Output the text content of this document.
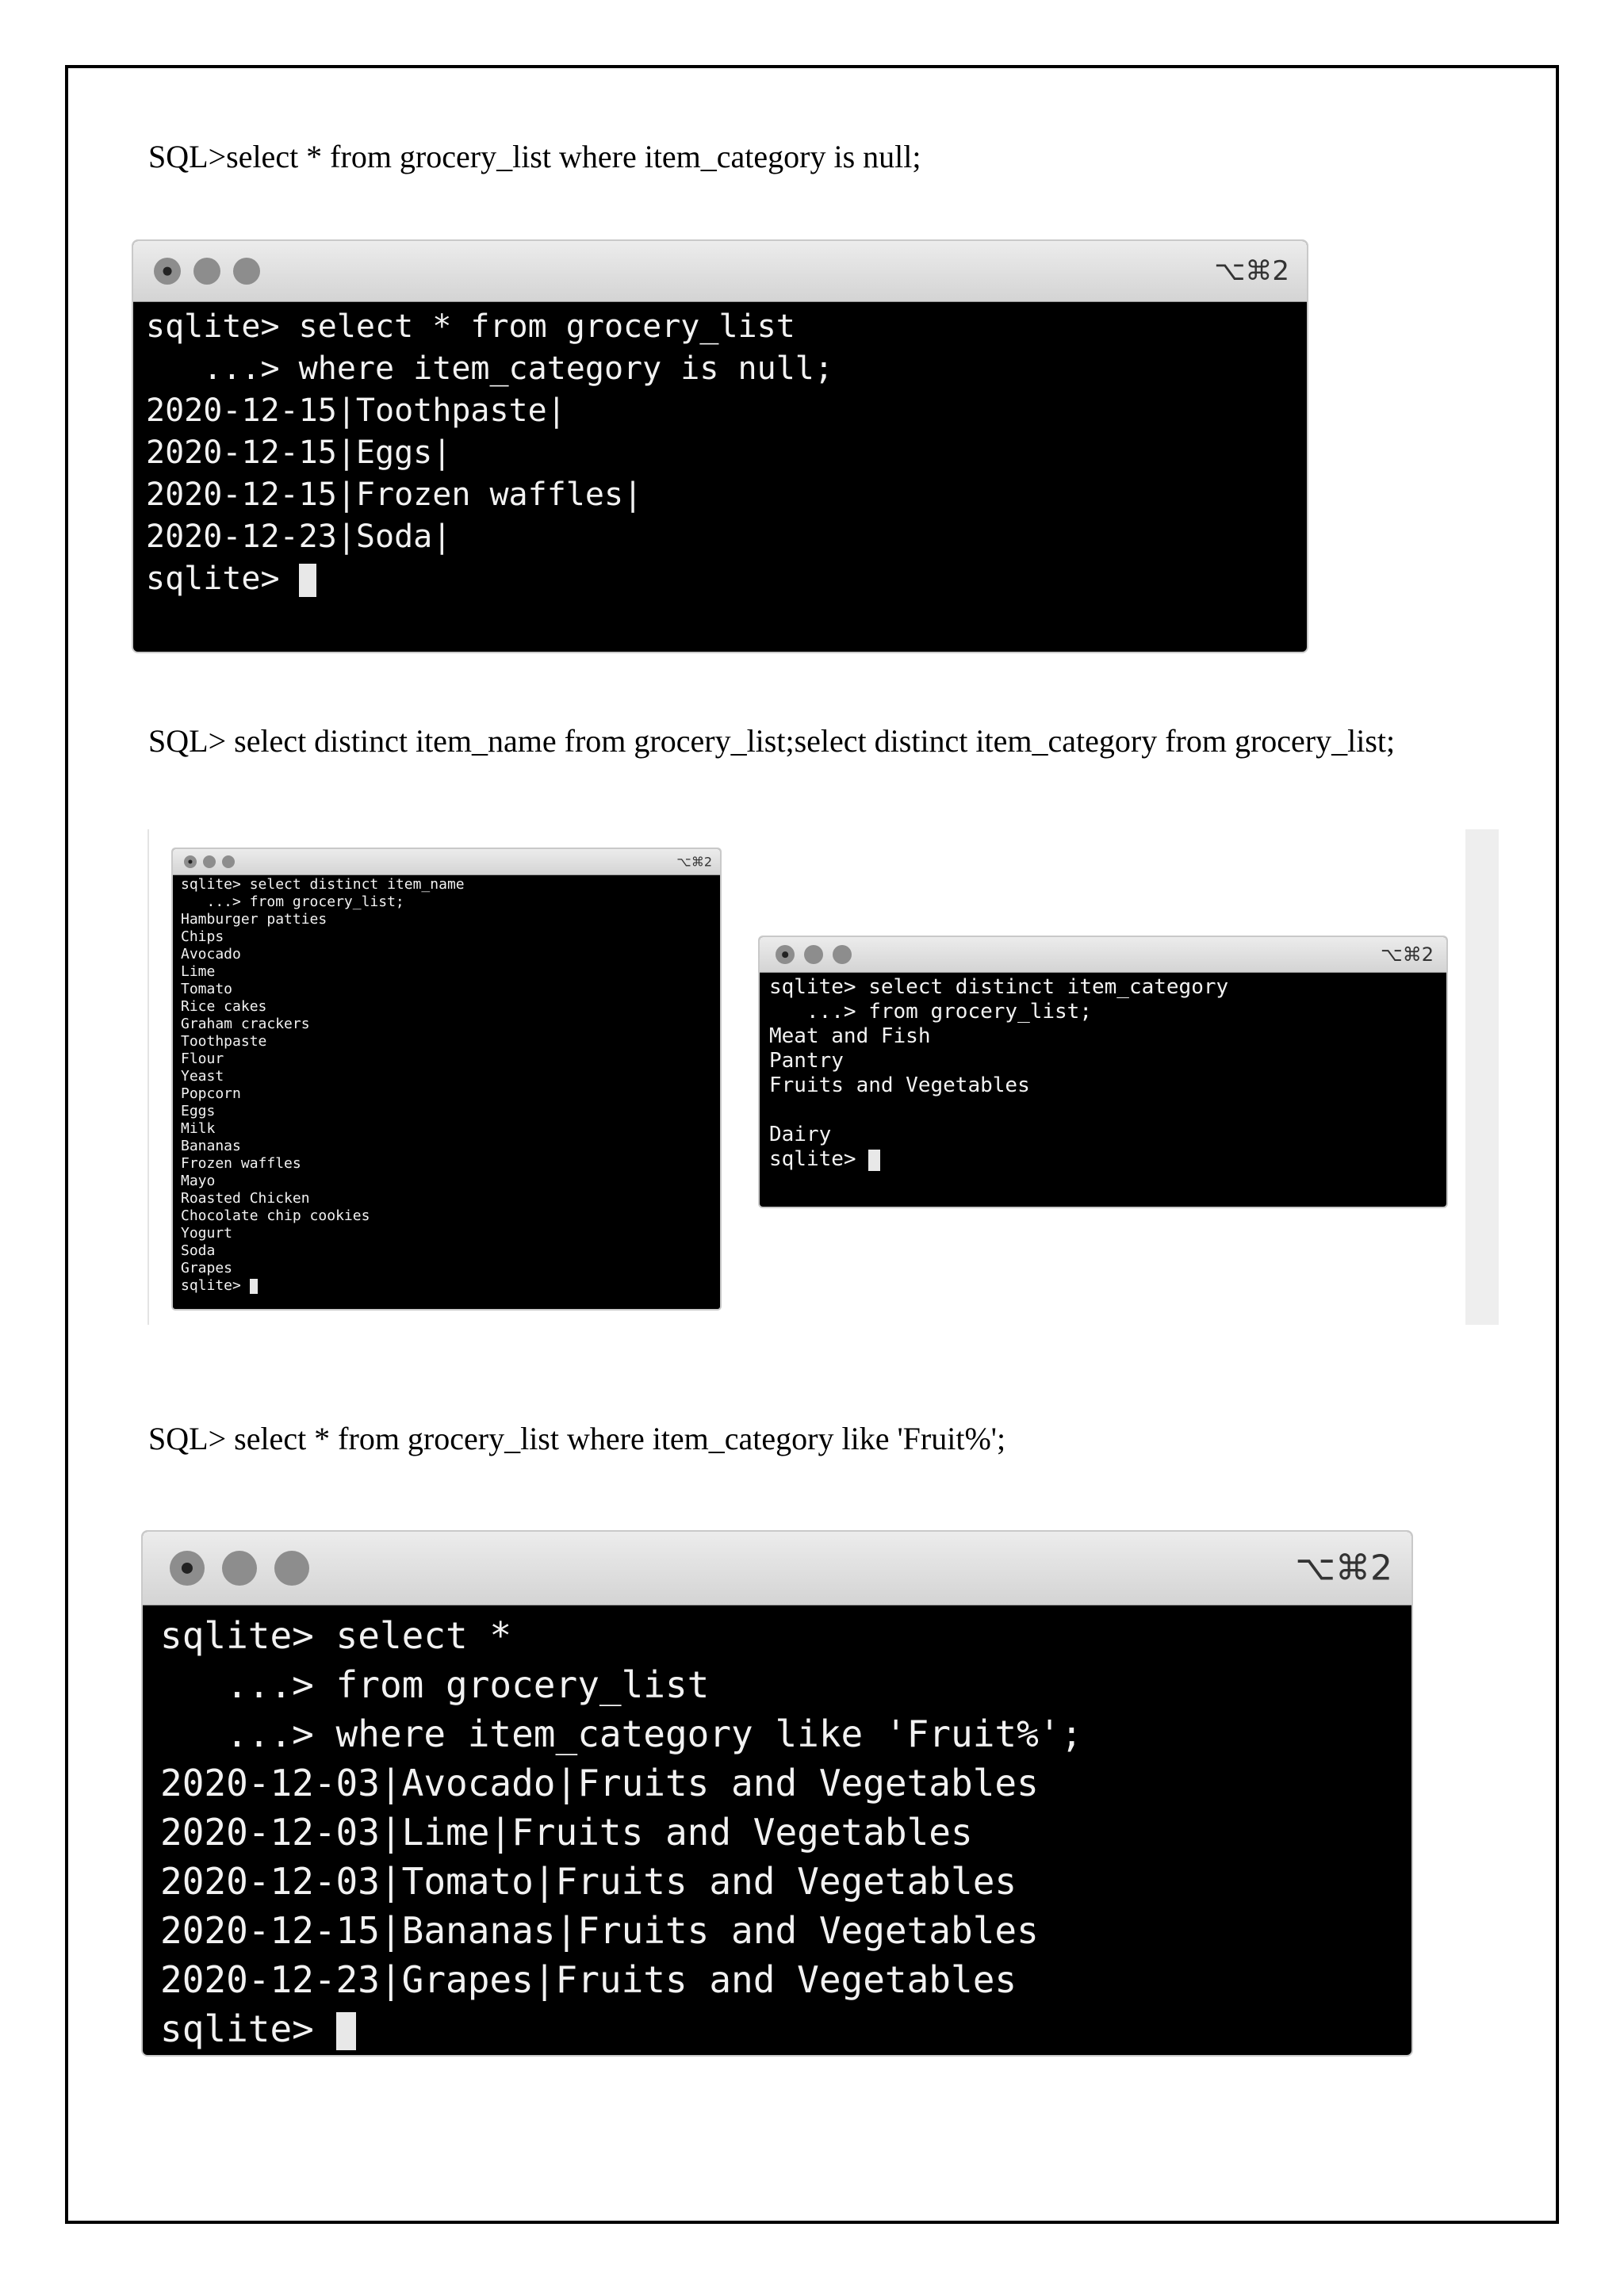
SQL>select * from grocery_list where item_category is null;
⌥⌘2
sqlite> select * from grocery_list
...> where item_category is null;
2020-12-15|Toothpaste|
2020-12-15|Eggs|
2020-12-15|Frozen waffles|
2020-12-23|Soda|
sqlite>
SQL> select distinct item_name from grocery_list;select distinct item_category from grocery_list;
⌥⌘2
sqlite> select distinct item_name
...> from grocery_list;
Hamburger patties
Chips
Avocado
Lime
Tomato
Rice cakes
Graham crackers
Toothpaste
Flour
Yeast
Popcorn
Eggs
Milk
Bananas
Frozen waffles
Mayo
Roasted Chicken
Chocolate chip cookies
Yogurt
Soda
Grapes
sqlite>
⌥⌘2
sqlite> select distinct item_category
...> from grocery_list;
Meat and Fish
Pantry
Fruits and Vegetables

Dairy
sqlite>
SQL> select * from grocery_list where item_category like 'Fruit%';
⌥⌘2
sqlite> select *
...> from grocery_list
...> where item_category like 'Fruit%';
2020-12-03|Avocado|Fruits and Vegetables
2020-12-03|Lime|Fruits and Vegetables
2020-12-03|Tomato|Fruits and Vegetables
2020-12-15|Bananas|Fruits and Vegetables
2020-12-23|Grapes|Fruits and Vegetables
sqlite>
